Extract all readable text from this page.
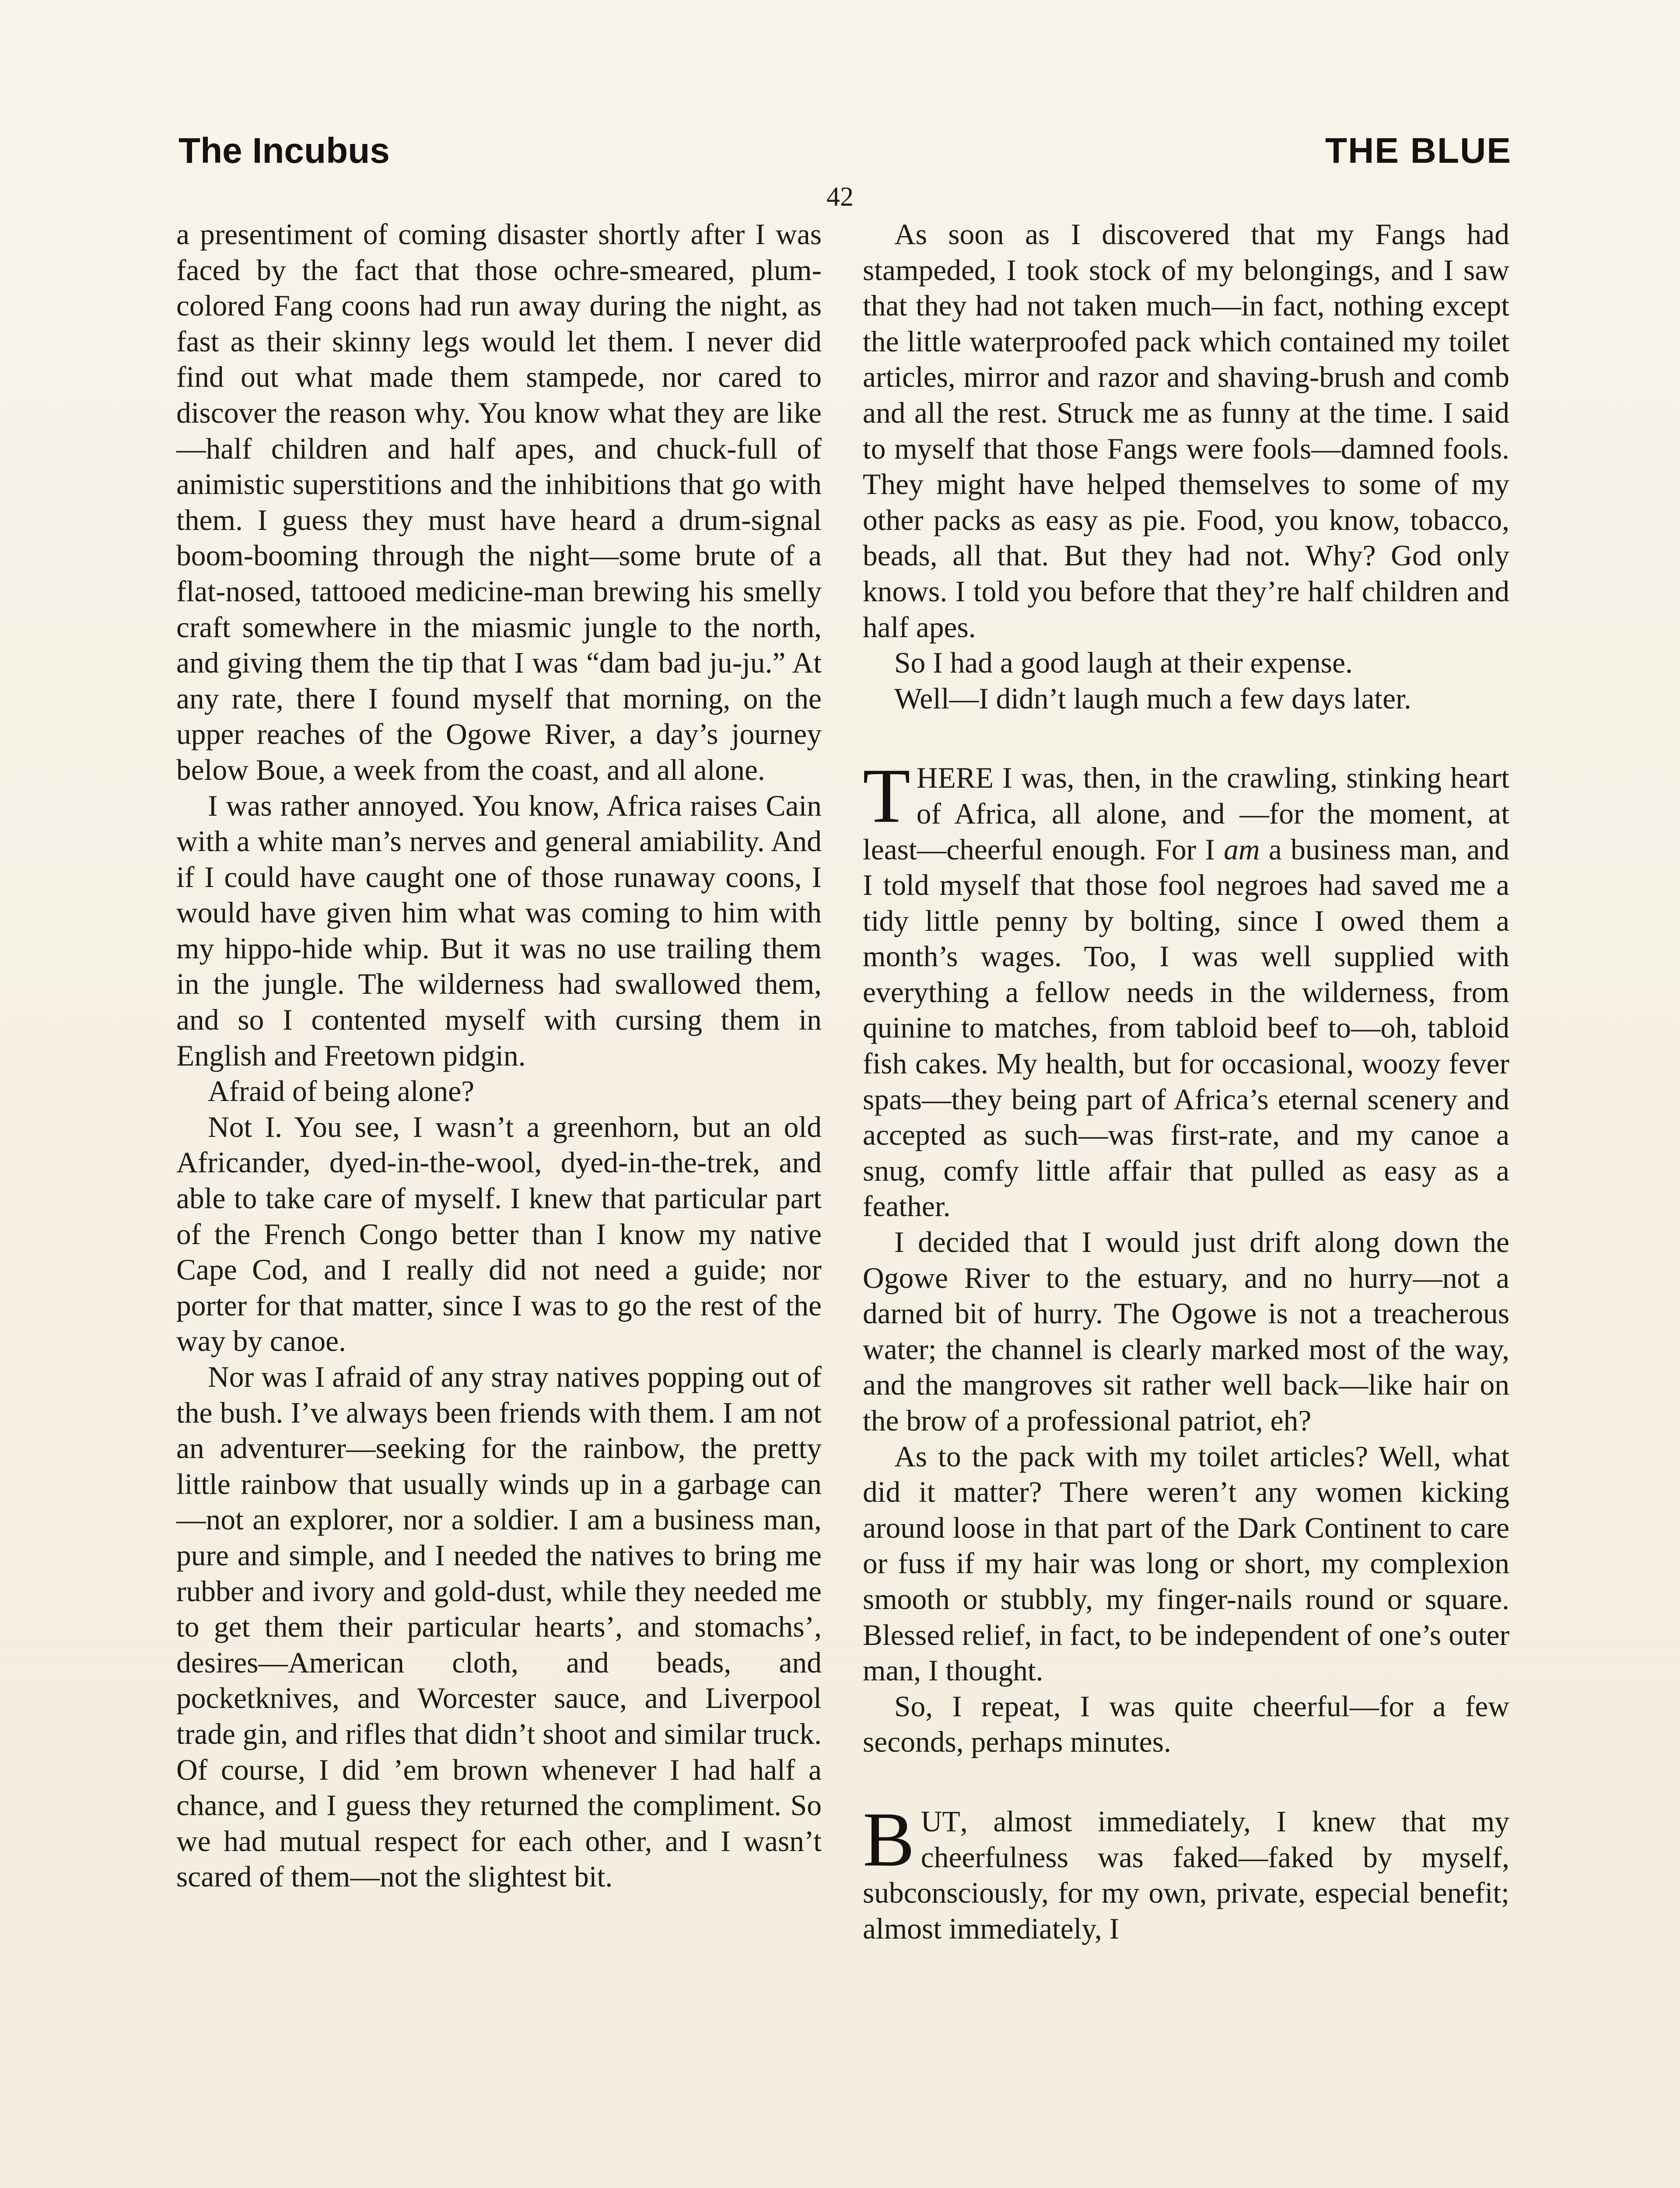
The Incubus	THE BLUE
42

a presentiment of coming disaster shortly after I was faced by the fact that those ochre-smeared, plum-colored Fang coons had run away during the night, as fast as their skinny legs would let them. I never did find out what made them stampede, nor cared to discover the reason why. You know what they are like—half children and half apes, and chuck-full of animistic superstitions and the inhibitions that go with them. I guess they must have heard a drum-signal boom-booming through the night—some brute of a flat-nosed, tattooed medicine-man brewing his smelly craft somewhere in the miasmic jungle to the north, and giving them the tip that I was “dam bad ju-ju.” At any rate, there I found myself that morning, on the upper reaches of the Ogowe River, a day’s journey below Boue, a week from the coast, and all alone.

I was rather annoyed. You know, Africa raises Cain with a white man’s nerves and general amiability. And if I could have caught one of those runaway coons, I would have given him what was coming to him with my hippo-hide whip. But it was no use trailing them in the jungle. The wilderness had swallowed them, and so I contented myself with cursing them in English and Freetown pidgin.

Afraid of being alone?

Not I. You see, I wasn’t a greenhorn, but an old Africander, dyed-in-the-wool, dyed-in-the-trek, and able to take care of myself. I knew that particular part of the French Congo better than I know my native Cape Cod, and I really did not need a guide; nor porter for that matter, since I was to go the rest of the way by canoe.

Nor was I afraid of any stray natives popping out of the bush. I’ve always been friends with them. I am not an adventurer—seeking for the rainbow, the pretty little rainbow that usually winds up in a garbage can—not an explorer, nor a soldier. I am a business man, pure and simple, and I needed the natives to bring me rubber and ivory and gold-dust, while they needed me to get them their particular hearts’, and stomachs’, desires—American cloth, and beads, and pocketknives, and Worcester sauce, and Liverpool trade gin, and rifles that didn’t shoot and similar truck. Of course, I did ’em brown whenever I had half a chance, and I guess they returned the compliment. So we had mutual respect for each other, and I wasn’t scared of them—not the slightest bit.

As soon as I discovered that my Fangs had stampeded, I took stock of my belongings, and I saw that they had not taken much—in fact, nothing except the little waterproofed pack which contained my toilet articles, mirror and razor and shaving-brush and comb and all the rest. Struck me as funny at the time. I said to myself that those Fangs were fools—damned fools. They might have helped themselves to some of my other packs as easy as pie. Food, you know, tobacco, beads, all that. But they had not. Why? God only knows. I told you before that they’re half children and half apes.

So I had a good laugh at their expense.

Well—I didn’t laugh much a few days later.

THERE I was, then, in the crawling, stinking heart of Africa, all alone, and —for the moment, at least—cheerful enough. For I am a business man, and I told myself that those fool negroes had saved me a tidy little penny by bolting, since I owed them a month’s wages. Too, I was well supplied with everything a fellow needs in the wilderness, from quinine to matches, from tabloid beef to—oh, tabloid fish cakes. My health, but for occasional, woozy fever spats—they being part of Africa’s eternal scenery and accepted as such—was first-rate, and my canoe a snug, comfy little affair that pulled as easy as a feather.

I decided that I would just drift along down the Ogowe River to the estuary, and no hurry—not a darned bit of hurry. The Ogowe is not a treacherous water; the channel is clearly marked most of the way, and the mangroves sit rather well back—like hair on the brow of a professional patriot, eh?

As to the pack with my toilet articles? Well, what did it matter? There weren’t any women kicking around loose in that part of the Dark Continent to care or fuss if my hair was long or short, my complexion smooth or stubbly, my finger-nails round or square. Blessed relief, in fact, to be independent of one’s outer man, I thought.

So, I repeat, I was quite cheerful—for a few seconds, perhaps minutes.

BUT, almost immediately, I knew that my cheerfulness was faked—faked by myself, subconsciously, for my own, private, especial benefit; almost immediately, I
